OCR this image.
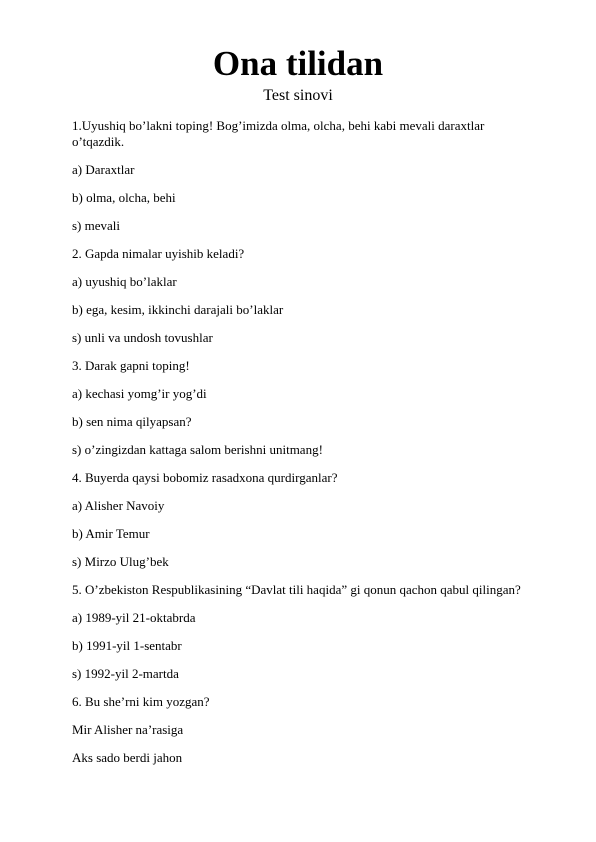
Ona tilidan
Test sinovi

1.Uyushiq bo’lakni toping! Bog’imizda olma, olcha, behi kabi mevali daraxtlar o’tqazdik.

a) Daraxtlar

b) olma, olcha, behi

s) mevali

2. Gapda nimalar uyishib keladi?

a) uyushiq bo’laklar

b) ega, kesim, ikkinchi darajali bo’laklar

s) unli va undosh tovushlar

3. Darak gapni toping!

a) kechasi yomg’ir yog’di

b) sen nima qilyapsan?

s) o’zingizdan kattaga salom berishni unitmang!

4. Buyerda qaysi bobomiz rasadxona qurdirganlar?

a) Alisher Navoiy

b) Amir Temur

s) Mirzo Ulug’bek

5. O’zbekiston Respublikasining “Davlat tili haqida” gi qonun qachon qabul qilingan?

a) 1989-yil 21-oktabrda

b) 1991-yil 1-sentabr

s) 1992-yil 2-martda

6. Bu she’rni kim yozgan?

Mir Alisher na’rasiga

Aks sado berdi jahon
